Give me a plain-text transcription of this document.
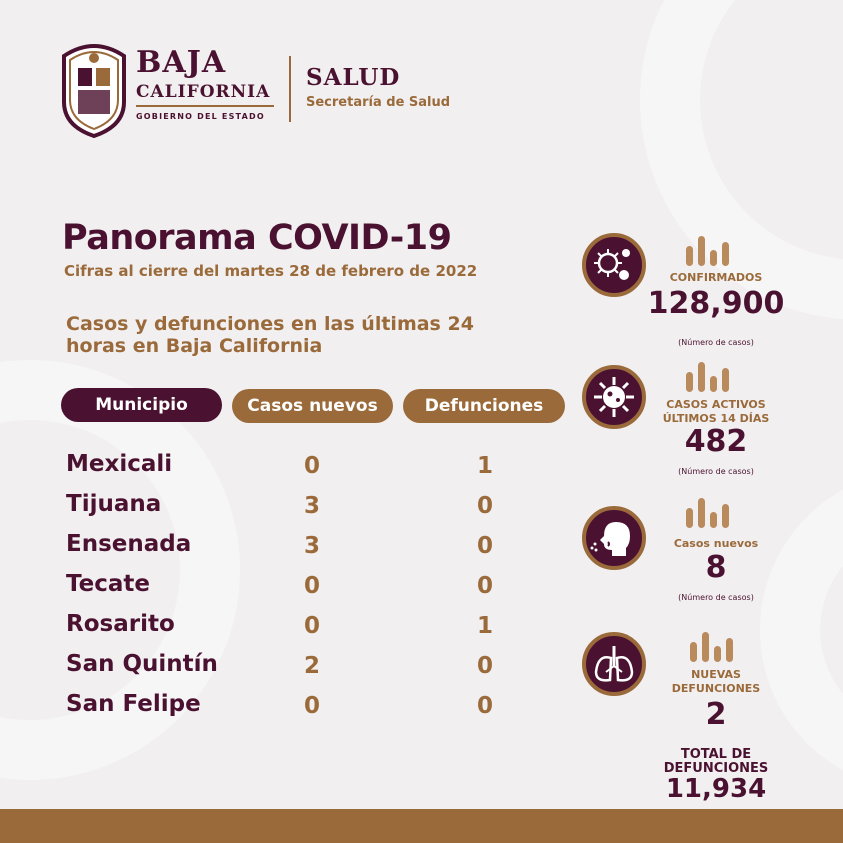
BAJA
CALIFORNIA
GOBIERNO DEL ESTADO
SALUD
Secretaría de Salud
Panorama COVID-19
Cifras al cierre del martes 28 de febrero de 2022
Casos y defunciones en las últimas 24 horas en Baja California
Municipio	Casos nuevos	Defunciones
Mexicali	0	1
Tijuana	3	0
Ensenada	3	0
Tecate	0	0
Rosarito	0	1
San Quintín	2	0
San Felipe	0	0
CONFIRMADOS
128,900
(Número de casos)
CASOS ACTIVOS
ÚLTIMOS 14 DÍAS
482
(Número de casos)
Casos nuevos
8
(Número de casos)
NUEVAS
DEFUNCIONES
2
TOTAL DE
DEFUNCIONES
11,934
